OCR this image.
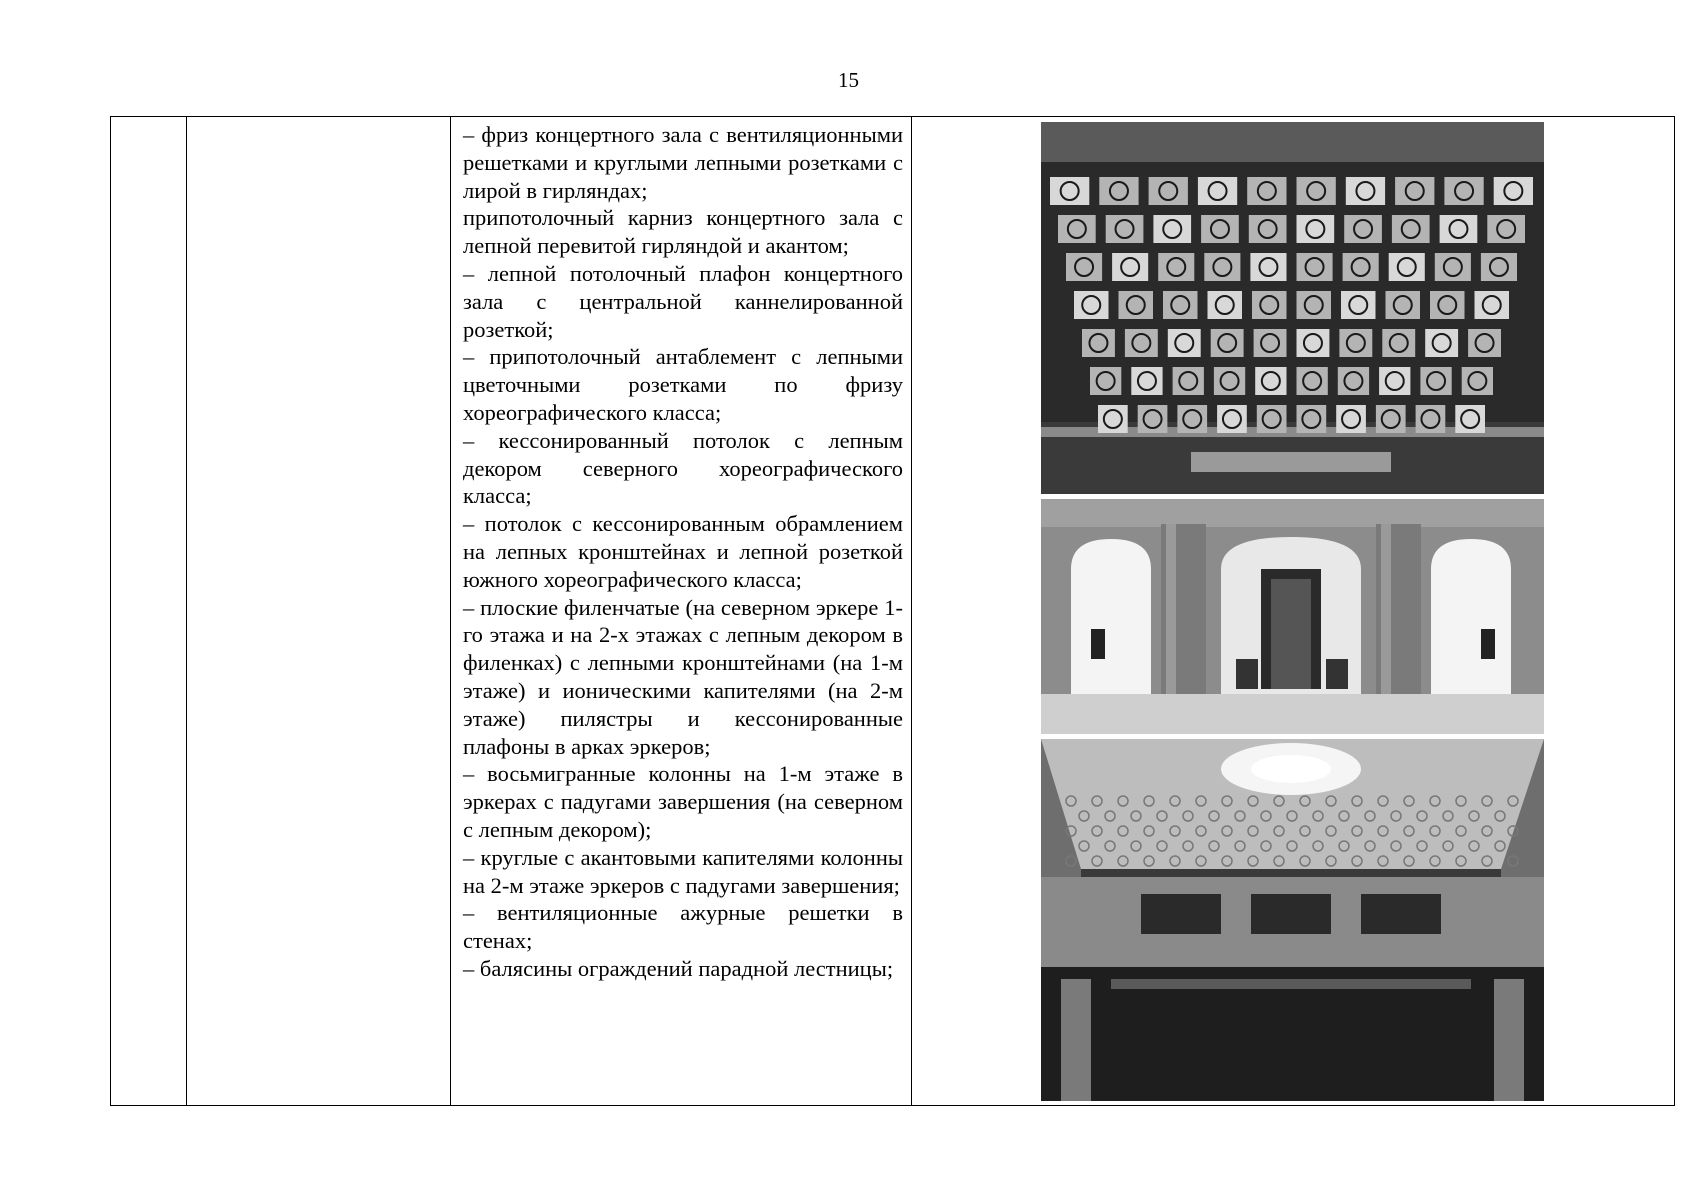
15

– фриз концертного зала с вентиляционными решетками и круглыми лепными розетками с лирой в гирляндах;

припотолочный карниз концертного зала с лепной перевитой гирляндой и акантом;

– лепной потолочный плафон концертного зала с центральной каннелированной розеткой;

– припотолочный антаблемент с лепными цветочными розетками по фризу хореографического класса;

– кессонированный потолок с лепным декором северного хореографического класса;

– потолок с кессонированным обрамлением на лепных кронштейнах и лепной розеткой южного хореографического класса;

– плоские филенчатые (на северном эркере 1-го этажа и на 2-х этажах с лепным декором в филенках) с лепными кронштейнами (на 1-м этаже) и ионическими капителями (на 2-м этаже) пилястры и кессонированные плафоны в арках эркеров;

– восьмигранные колонны на 1-м этаже в эркерах с падугами завершения (на северном с лепным декором);

– круглые с акантовыми капителями колонны на 2-м этаже эркеров с падугами завершения;

– вентиляционные ажурные решетки в стенах;

– балясины ограждений парадной лестницы;
